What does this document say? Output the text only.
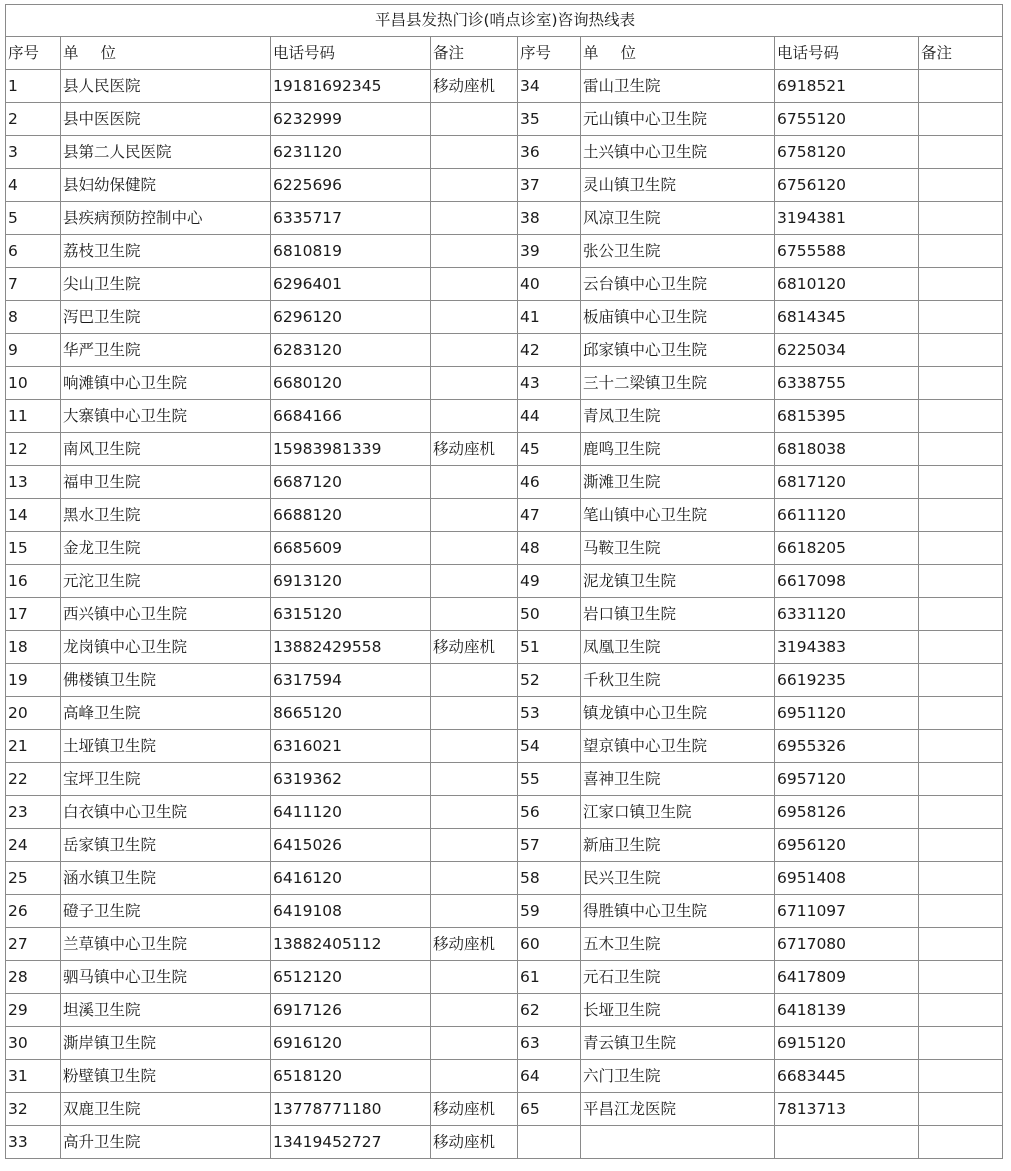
平昌县发热门诊(哨点诊室)咨询热线表							
序号	单 位	电话号码	备注	序号	单 位	电话号码	备注
1	县人民医院	19181692345	移动座机	34	雷山卫生院	6918521	
2	县中医医院	6232999		35	元山镇中心卫生院	6755120	
3	县第二人民医院	6231120		36	土兴镇中心卫生院	6758120	
4	县妇幼保健院	6225696		37	灵山镇卫生院	6756120	
5	县疾病预防控制中心	6335717		38	风凉卫生院	3194381	
6	荔枝卫生院	6810819		39	张公卫生院	6755588	
7	尖山卫生院	6296401		40	云台镇中心卫生院	6810120	
8	泻巴卫生院	6296120		41	板庙镇中心卫生院	6814345	
9	华严卫生院	6283120		42	邱家镇中心卫生院	6225034	
10	响滩镇中心卫生院	6680120		43	三十二梁镇卫生院	6338755	
11	大寨镇中心卫生院	6684166		44	青凤卫生院	6815395	
12	南风卫生院	15983981339	移动座机	45	鹿鸣卫生院	6818038	
13	福申卫生院	6687120		46	澌滩卫生院	6817120	
14	黑水卫生院	6688120		47	笔山镇中心卫生院	6611120	
15	金龙卫生院	6685609		48	马鞍卫生院	6618205	
16	元沱卫生院	6913120		49	泥龙镇卫生院	6617098	
17	西兴镇中心卫生院	6315120		50	岩口镇卫生院	6331120	
18	龙岗镇中心卫生院	13882429558	移动座机	51	凤凰卫生院	3194383	
19	佛楼镇卫生院	6317594		52	千秋卫生院	6619235	
20	高峰卫生院	8665120		53	镇龙镇中心卫生院	6951120	
21	土垭镇卫生院	6316021		54	望京镇中心卫生院	6955326	
22	宝坪卫生院	6319362		55	喜神卫生院	6957120	
23	白衣镇中心卫生院	6411120		56	江家口镇卫生院	6958126	
24	岳家镇卫生院	6415026		57	新庙卫生院	6956120	
25	涵水镇卫生院	6416120		58	民兴卫生院	6951408	
26	磴子卫生院	6419108		59	得胜镇中心卫生院	6711097	
27	兰草镇中心卫生院	13882405112	移动座机	60	五木卫生院	6717080	
28	驷马镇中心卫生院	6512120		61	元石卫生院	6417809	
29	坦溪卫生院	6917126		62	长垭卫生院	6418139	
30	澌岸镇卫生院	6916120		63	青云镇卫生院	6915120	
31	粉壁镇卫生院	6518120		64	六门卫生院	6683445	
32	双鹿卫生院	13778771180	移动座机	65	平昌江龙医院	7813713	
33	高升卫生院	13419452727	移动座机				
